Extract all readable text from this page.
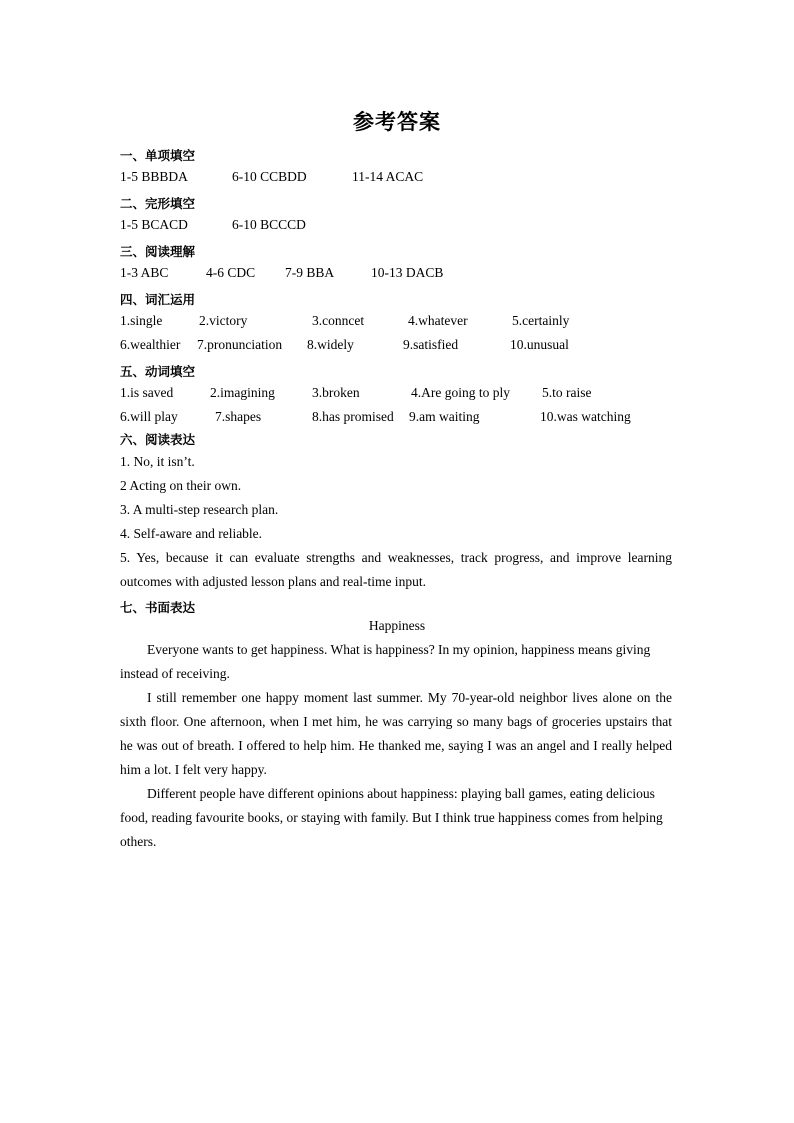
参考答案
一、单项填空
1-5 BBBDA	6-10 CCBDD	11-14 ACAC
二、完形填空
1-5 BCACD	6-10 BCCCD
三、阅读理解
1-3 ABC	4-6 CDC 7-9 BBA	10-13 DACB
四、词汇运用
1.single	2.victory	3.conncet	4.whatever	5.certainly
6.wealthier 7.pronunciation 8.widely	9.satisfied	10.unusual
五、动词填空
1.is saved	2.imagining	3.broken	4.Are going to ply 5.to raise
6.will play	7.shapes	8.has promised 9.am waiting	10.was watching
六、阅读表达
1. No, it isn’t.
2 Acting on their own.
3. A multi-step research plan.
4. Self-aware and reliable.
5. Yes, because it can evaluate strengths and weaknesses, track progress, and improve learning outcomes with adjusted lesson plans and real-time input.
七、书面表达
Happiness
Everyone wants to get happiness. What is happiness? In my opinion, happiness means giving instead of receiving.
I still remember one happy moment last summer. My 70-year-old neighbor lives alone on the sixth floor. One afternoon, when I met him, he was carrying so many bags of groceries upstairs that he was out of breath. I offered to help him. He thanked me, saying I was an angel and I really helped him a lot. I felt very happy.
Different people have different opinions about happiness: playing ball games, eating delicious food, reading favourite books, or staying with family. But I think true happiness comes from helping others.
